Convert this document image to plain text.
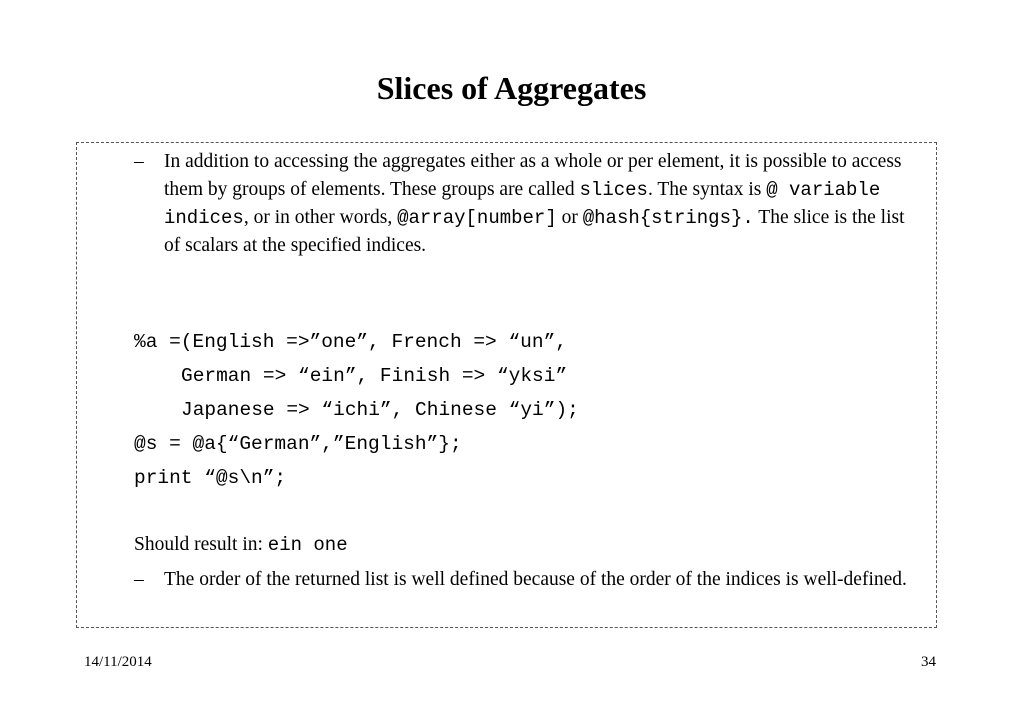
Slices of Aggregates
– In addition to accessing the aggregates either as a whole or per element, it is possible to access them by groups of elements. These groups are called slices. The syntax is @ variable indices, or in other words, @array[number] or @hash{strings}. The slice is the list of scalars at the specified indices.
%a =(English =>”one”, French => “un”,
German => “ein”, Finish => “yksi”
Japanese => “ichi”, Chinese “yi”);
@s = @a{“German”,”English”};
print “@s\n”;
Should result in: ein one
– The order of the returned list is well defined because of the order of the indices is well-defined.
14/11/2014	34
